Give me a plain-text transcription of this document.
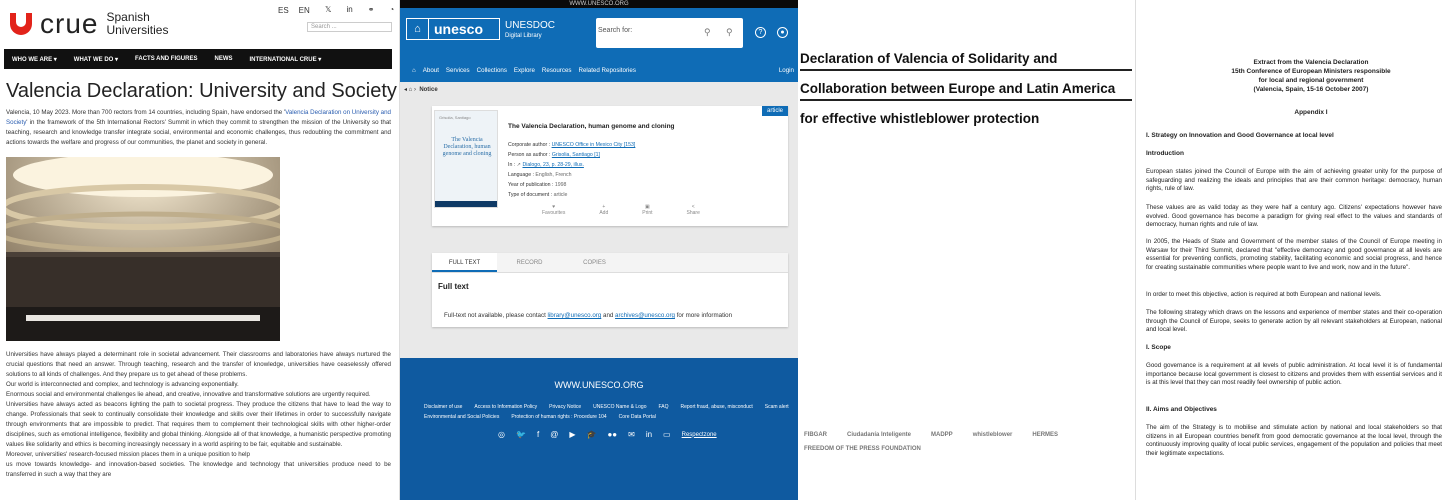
crue Spanish
Universities
ES EN 𝕏 in ⚭ ◔
Search ...
WHO WE ARE ▾	WHAT WE DO ▾	FACTS AND FIGURES	NEWS	INTERNATIONAL CRUE ▾
Valencia Declaration: University and Society
Valencia, 10 May 2023. More than 700 rectors from 14 countries, including Spain, have endorsed the 'Valencia Declaration on University and Society' in the framework of the 5th International Rectors' Summit in which they commit to strengthen the mission of the University so that teaching, research and knowledge transfer integrate social, environmental and economic challenges, thus redoubling the commitment and actions towards the welfare and progress of our communities, the planet and society in general.
Universities have always played a determinant role in societal advancement. Their classrooms and laboratories have always nurtured the crucial questions that need an answer. Through teaching, research and the transfer of knowledge, universities have ceaselessly offered solutions to all kinds of challenges. And they prepare us to get ahead of these problems.
Our world is interconnected and complex, and technology is advancing exponentially.
Enormous social and environmental challenges lie ahead, and creative, innovative and transformative solutions are urgently required.
Universities have always acted as beacons lighting the path to societal progress. They produce the citizens that have to lead the way to change. Professionals that seek to continually consolidate their knowledge and skills over their lifetimes in order to successfully navigate through environments that are impossible to predict. That requires them to complement their technological skills with other higher-order disciplines, such as emotional intelligence, flexibility and global thinking. Alongside all of that knowledge, a humanistic perspective promoting values like solidarity and ethics is becoming increasingly necessary in a world aspiring to be fair, equitable and sustainable.
Moreover, universities' research-focused mission places them in a unique position to help
us move towards knowledge- and innovation-based societies. The knowledge and technology that universities produce need to be transferred in such a way that they are
WWW.UNESCO.ORG
⌂ unesco UNESDOC
Digital Library
Search for:	⚲ ⚲	?	●
⌂ About Services Collections Explore Resources Related Repositories	Login
◂ ⌂ ›  Notice
article
Grisolia, Santiago
The Valencia Declaration, human genome and cloning
The Valencia Declaration, human genome and cloning
Corporate author : UNESCO Office in Mexico City [153]
Person as author : Grisolia, Santiago [1]
In : ↗ Dialogo, 23, p. 28-29, illus.
Language : English, French
Year of publication : 1998
Type of document : article
♥
Favourites
+
Add
▣
Print
<
Share
FULL TEXT	RECORD	COPIES
Full text
Full-text not available, please contact library@unesco.org and archives@unesco.org for more information
WWW.UNESCO.ORG
Disclaimer of use Access to Information Policy Privacy Notice UNESCO Name & Logo FAQ Report fraud, abuse, misconduct Scam alert
Environmental and Social Policies Protection of human rights : Procedure 104 Core Data Portal
◎ 🐦 f @ ▶ 🎓 ●● ✉ in ▭ Respectzone
Declaration of Valencia of Solidarity and
Collaboration between Europe and Latin America
for effective whistleblower protection
FIBGAR	Ciudadanía Inteligente	MADPP	whistleblower	HERMES
FREEDOM OF THE PRESS FOUNDATION
Extract from the Valencia Declaration
15th Conference of European Ministers responsible
for local and regional government
(Valencia, Spain, 15-16 October 2007)
Appendix I
I. Strategy on Innovation and Good Governance at local level
Introduction
European states joined the Council of Europe with the aim of achieving greater unity for the purpose of safeguarding and realizing the ideals and principles that are their common heritage: democracy, human rights, rule of law.
These values are as valid today as they were half a century ago. Citizens' expectations however have evolved. Good governance has become a paradigm for giving real effect to the values and standards of democracy, human rights and rule of law.
In 2005, the Heads of State and Government of the member states of the Council of Europe meeting in Warsaw for their Third Summit, declared that "effective democracy and good governance at all levels are essential for preventing conflicts, promoting stability, facilitating economic and social progress, and hence for creating sustainable communities where people want to live and work, now and in the future".
In order to meet this objective, action is required at both European and national levels.
The following strategy which draws on the lessons and experience of member states and their co-operation through the Council of Europe, seeks to generate action by all relevant stakeholders at European, national and local level.
I. Scope
Good governance is a requirement at all levels of public administration. At local level it is of fundamental importance because local government is closest to citizens and provides them with essential services and it is at this level that they can most readily feel ownership of public action.
II. Aims and Objectives
The aim of the Strategy is to mobilise and stimulate action by national and local stakeholders so that citizens in all European countries benefit from good democratic governance at the local level, through the continuously improving quality of local public services, engagement of the population and policies that meet their legitimate expectations.
